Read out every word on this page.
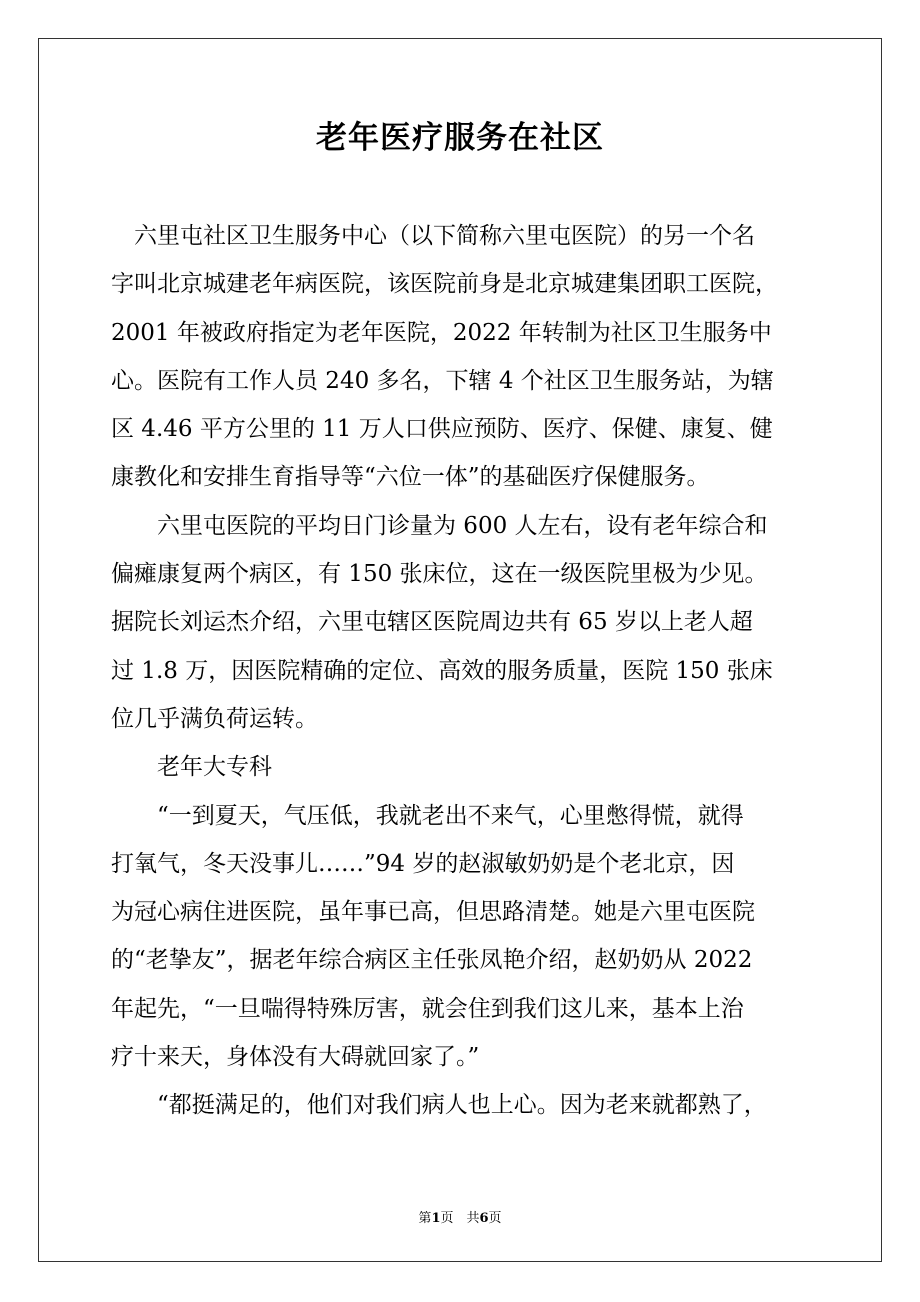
老年医疗服务在社区
　六里屯社区卫生服务中心（以下简称六里屯医院）的另一个名
字叫北京城建老年病医院，该医院前身是北京城建集团职工医院，
2001 年被政府指定为老年医院，2022 年转制为社区卫生服务中
心。医院有工作人员 240 多名，下辖 4 个社区卫生服务站，为辖
区 4.46 平方公里的 11 万人口供应预防、医疗、保健、康复、健
康教化和安排生育指导等“六位一体”的基础医疗保健服务。
　　六里屯医院的平均日门诊量为 600 人左右，设有老年综合和
偏瘫康复两个病区，有 150 张床位，这在一级医院里极为少见。
据院长刘运杰介绍，六里屯辖区医院周边共有 65 岁以上老人超
过 1.8 万，因医院精确的定位、高效的服务质量，医院 150 张床
位几乎满负荷运转。
　　老年大专科
　　“一到夏天，气压低，我就老出不来气，心里憋得慌，就得
打氧气，冬天没事儿……”94 岁的赵淑敏奶奶是个老北京，因
为冠心病住进医院，虽年事已高，但思路清楚。她是六里屯医院
的“老挚友”，据老年综合病区主任张凤艳介绍，赵奶奶从 2022
年起先，“一旦喘得特殊厉害，就会住到我们这儿来，基本上治
疗十来天，身体没有大碍就回家了。”
　　“都挺满足的，他们对我们病人也上心。因为老来就都熟了，
第1页　共6页
